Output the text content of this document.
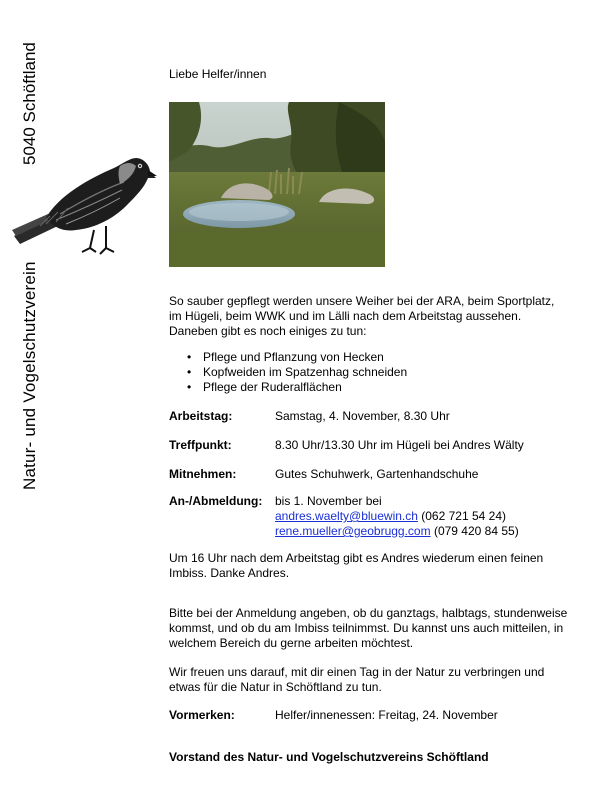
Natur- und Vogelschutzverein
5040 Schöftland	Liebe Helfer/innen
So sauber gepflegt werden unsere Weiher bei der ARA, beim Sportplatz, im Hügeli, beim WWK und im Lälli nach dem Arbeitstag aussehen. Daneben gibt es noch einiges zu tun:
• Pflege und Pflanzung von Hecken
• Kopfweiden im Spatzenhag schneiden
• Pflege der Ruderalflächen
Arbeitstag:	Samstag, 4. November, 8.30 Uhr
Treffpunkt:	8.30 Uhr/13.30 Uhr im Hügeli bei Andres Wälty
Mitnehmen:	Gutes Schuhwerk, Gartenhandschuhe
An-/Abmeldung: bis 1. November bei
andres.waelty@bluewin.ch (062 721 54 24)
rene.mueller@geobrugg.com (079 420 84 55)
Um 16 Uhr nach dem Arbeitstag gibt es Andres wiederum einen feinen Imbiss. Danke Andres.
Bitte bei der Anmeldung angeben, ob du ganztags, halbtags, stundenweise kommst, und ob du am Imbiss teilnimmst. Du kannst uns auch mitteilen, in welchem Bereich du gerne arbeiten möchtest.
Wir freuen uns darauf, mit dir einen Tag in der Natur zu verbringen und etwas für die Natur in Schöftland zu tun.
Vormerken:	Helfer/innenessen: Freitag, 24. November
Vorstand des Natur- und Vogelschutzvereins Schöftland
